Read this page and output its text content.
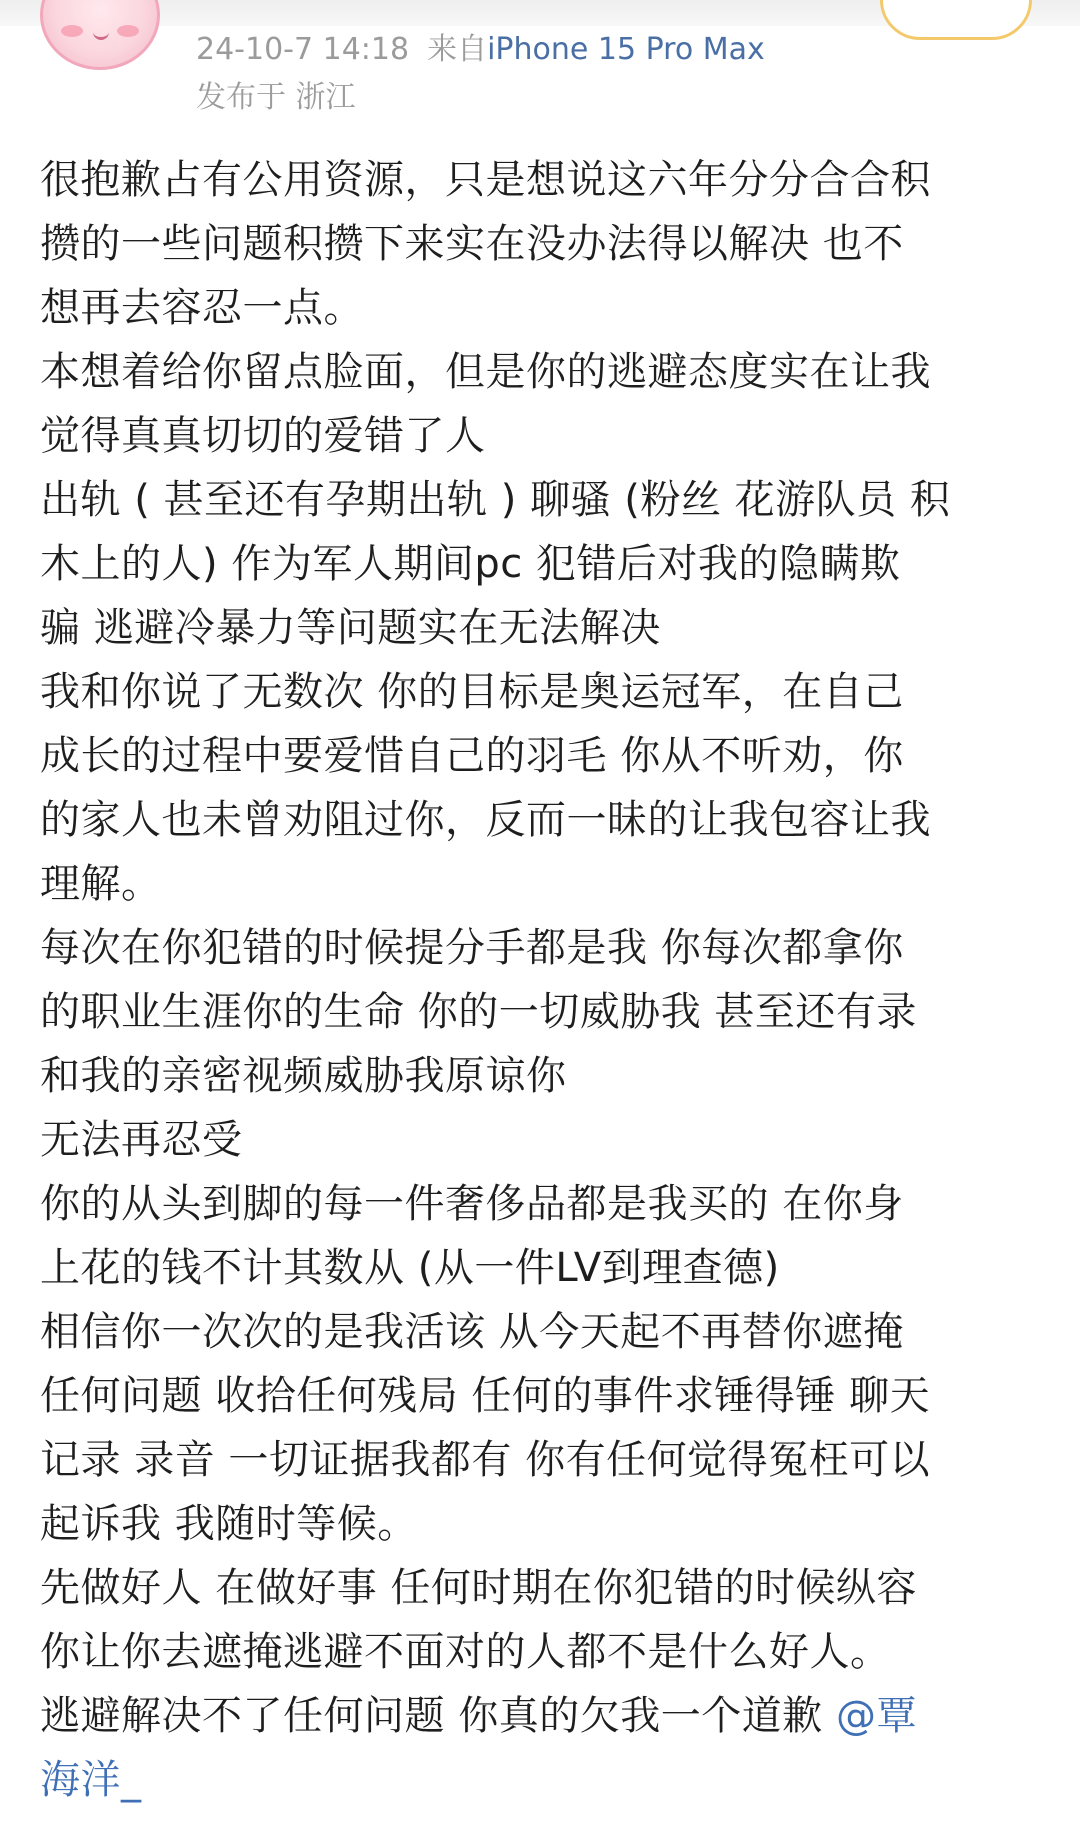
24-10-7 14:18 来自iPhone 15 Pro Max
发布于 浙江
很抱歉占有公用资源，只是想说这六年分分合合积
攒的一些问题积攒下来实在没办法得以解决 也不
想再去容忍一点。
本想着给你留点脸面，但是你的逃避态度实在让我
觉得真真切切的爱错了人
出轨 ( 甚至还有孕期出轨 ) 聊骚 (粉丝 花游队员 积
木上的人) 作为军人期间pc 犯错后对我的隐瞒欺
骗 逃避冷暴力等问题实在无法解决
我和你说了无数次 你的目标是奥运冠军，在自己
成长的过程中要爱惜自己的羽毛 你从不听劝，你
的家人也未曾劝阻过你，反而一昧的让我包容让我
理解。
每次在你犯错的时候提分手都是我 你每次都拿你
的职业生涯你的生命 你的一切威胁我 甚至还有录
和我的亲密视频威胁我原谅你
无法再忍受
你的从头到脚的每一件奢侈品都是我买的 在你身
上花的钱不计其数从 (从一件LV到理查德)
相信你一次次的是我活该 从今天起不再替你遮掩
任何问题 收拾任何残局 任何的事件求锤得锤 聊天
记录 录音 一切证据我都有 你有任何觉得冤枉可以
起诉我 我随时等候。
先做好人 在做好事 任何时期在你犯错的时候纵容
你让你去遮掩逃避不面对的人都不是什么好人。
逃避解决不了任何问题 你真的欠我一个道歉 @覃
海洋_
